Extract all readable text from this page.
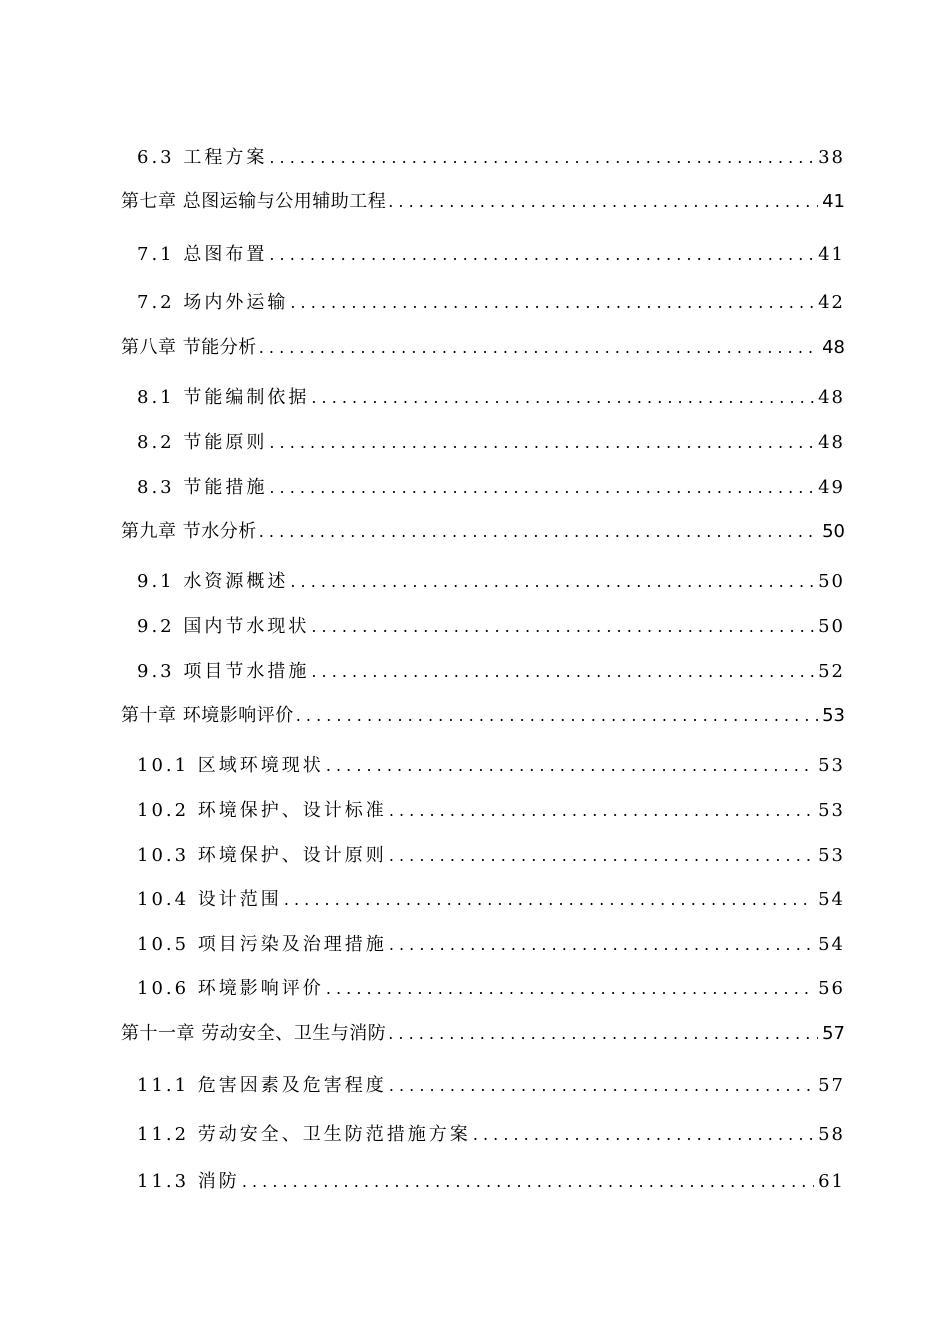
6.3 工程方案 . . .	38
第七章 总图运输与公用辅助工程 . . .	41
7.1 总图布置 . . .	41
7.2 场内外运输 . . .	42
第八章 节能分析 . . .	48
8.1 节能编制依据 . . .	48
8.2 节能原则 . . .	48
8.3 节能措施 . . .	49
第九章 节水分析 . . .	50
9.1 水资源概述 . . .	50
9.2 国内节水现状 . . .	50
9.3 项目节水措施 . . .	52
第十章 环境影响评价 . . .	53
10.1 区域环境现状 . . .	53
10.2 环境保护、设计标准 . . .	53
10.3 环境保护、设计原则 . . .	53
10.4 设计范围 . . .	54
10.5 项目污染及治理措施 . . .	54
10.6 环境影响评价 . . .	56
第十一章 劳动安全、卫生与消防 . . .	57
11.1 危害因素及危害程度 . . .	57
11.2 劳动安全、卫生防范措施方案 . . .	58
11.3 消防 . . .	61
